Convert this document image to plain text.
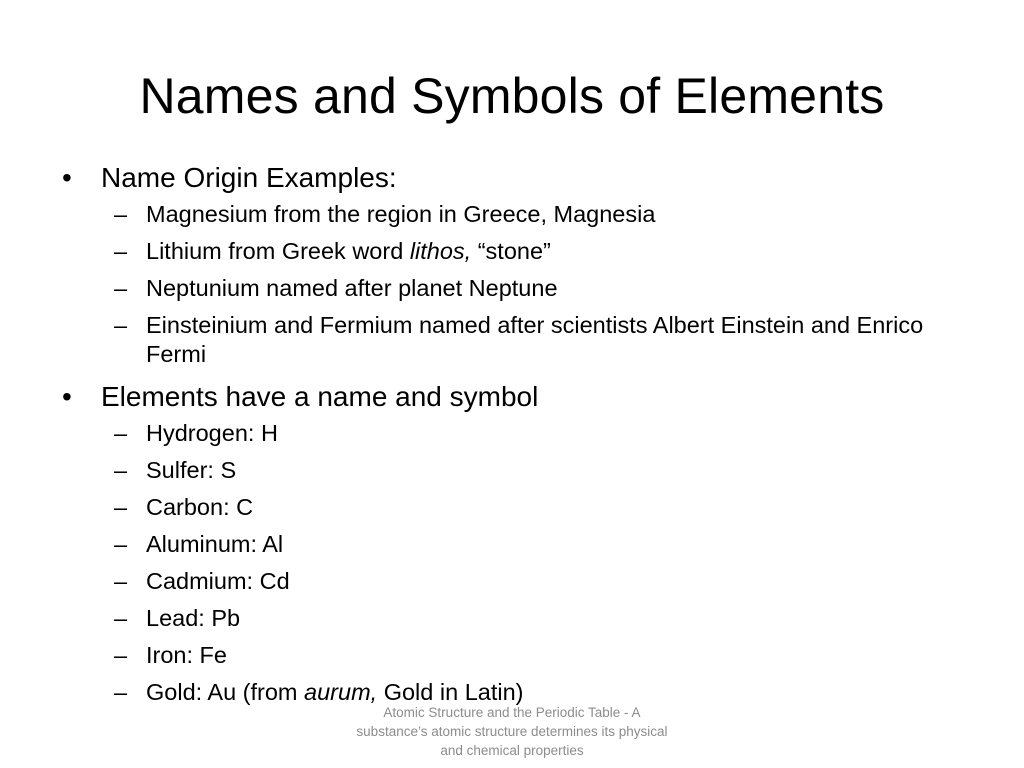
Names and Symbols of Elements
•	Name Origin Examples:
– Magnesium from the region in Greece, Magnesia
– Lithium from Greek word lithos, “stone”
– Neptunium named after planet Neptune
– Einsteinium and Fermium named after scientists Albert Einstein and Enrico Fermi
•	Elements have a name and symbol
– Hydrogen: H
– Sulfer: S
– Carbon: C
– Aluminum: Al
– Cadmium: Cd
– Lead: Pb
– Iron: Fe
– Gold: Au (from aurum, Gold in Latin)
Atomic Structure and the Periodic Table - A substance’s atomic structure determines its physical and chemical properties
